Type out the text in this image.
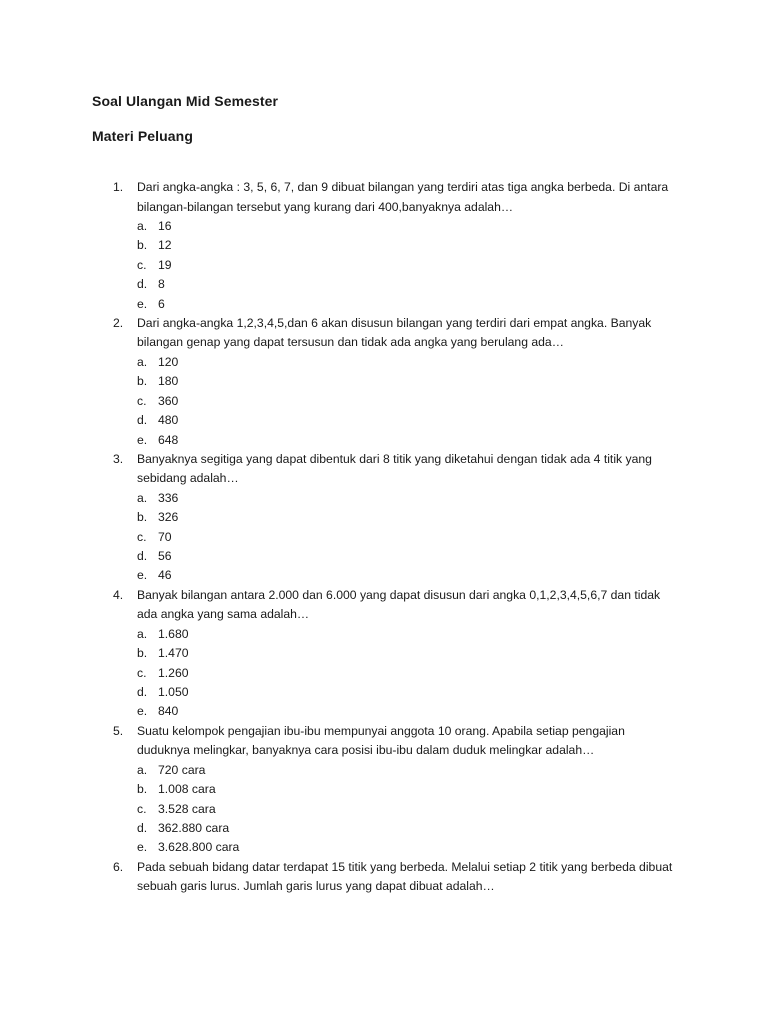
Soal Ulangan Mid Semester
Materi Peluang
1. Dari angka-angka : 3, 5, 6, 7, dan 9 dibuat bilangan yang terdiri atas tiga angka berbeda. Di antara bilangan-bilangan tersebut yang kurang dari 400,banyaknya adalah…
a. 16
b. 12
c. 19
d. 8
e. 6
2. Dari angka-angka 1,2,3,4,5,dan 6 akan disusun bilangan yang terdiri dari empat angka. Banyak bilangan genap yang dapat tersusun dan tidak ada angka yang berulang ada…
a. 120
b. 180
c. 360
d. 480
e. 648
3. Banyaknya segitiga yang dapat dibentuk dari 8 titik yang diketahui dengan tidak ada 4 titik yang sebidang adalah…
a. 336
b. 326
c. 70
d. 56
e. 46
4. Banyak bilangan antara 2.000 dan 6.000 yang dapat disusun dari angka 0,1,2,3,4,5,6,7 dan tidak ada angka yang sama adalah…
a. 1.680
b. 1.470
c. 1.260
d. 1.050
e. 840
5. Suatu kelompok pengajian ibu-ibu mempunyai anggota 10 orang. Apabila setiap pengajian duduknya melingkar, banyaknya cara posisi ibu-ibu dalam duduk melingkar adalah…
a. 720 cara
b. 1.008 cara
c. 3.528 cara
d. 362.880 cara
e. 3.628.800 cara
6. Pada sebuah bidang datar terdapat 15 titik yang berbeda. Melalui setiap 2 titik yang berbeda dibuat sebuah garis lurus. Jumlah garis lurus yang dapat dibuat adalah…
